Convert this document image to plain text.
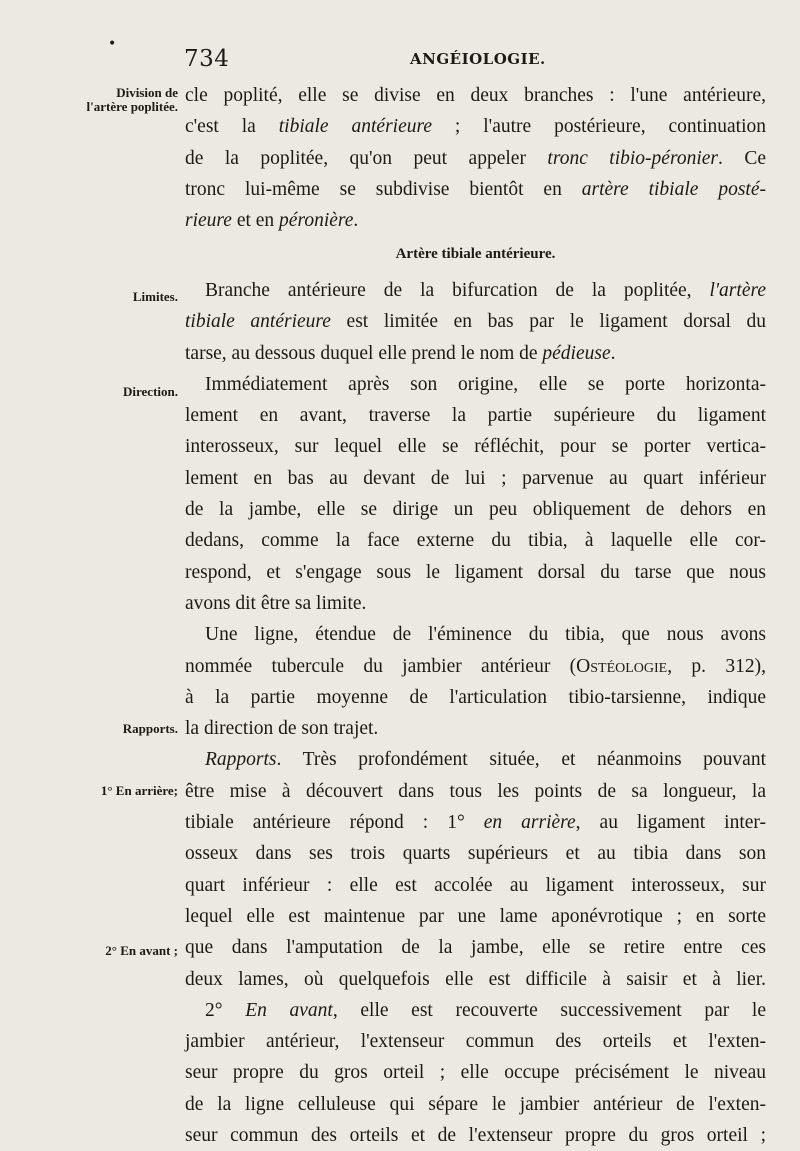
•
734	ANGÉIOLOGIE.
Division de
l'artère poplitée.
Limites.
Direction.
Rapports.
1° En arrière;
2° En avant ;
cle poplité, elle se divise en deux branches : l'une antérieure,
c'est la tibiale antérieure ; l'autre postérieure, continuation
de la poplitée, qu'on peut appeler tronc tibio-péronier. Ce
tronc lui-même se subdivise bientôt en artère tibiale posté-
rieure et en péronière.
Artère tibiale antérieure.
Branche antérieure de la bifurcation de la poplitée, l'artère
tibiale antérieure est limitée en bas par le ligament dorsal du
tarse, au dessous duquel elle prend le nom de pédieuse.
Immédiatement après son origine, elle se porte horizonta-
lement en avant, traverse la partie supérieure du ligament
interosseux, sur lequel elle se réfléchit, pour se porter vertica-
lement en bas au devant de lui ; parvenue au quart inférieur
de la jambe, elle se dirige un peu obliquement de dehors en
dedans, comme la face externe du tibia, à laquelle elle cor-
respond, et s'engage sous le ligament dorsal du tarse que nous
avons dit être sa limite.
Une ligne, étendue de l'éminence du tibia, que nous avons
nommée tubercule du jambier antérieur (Ostéologie, p. 312),
à la partie moyenne de l'articulation tibio-tarsienne, indique
la direction de son trajet.
Rapports. Très profondément située, et néanmoins pouvant
être mise à découvert dans tous les points de sa longueur, la
tibiale antérieure répond : 1° en arrière, au ligament inter-
osseux dans ses trois quarts supérieurs et au tibia dans son
quart inférieur : elle est accolée au ligament interosseux, sur
lequel elle est maintenue par une lame aponévrotique ; en sorte
que dans l'amputation de la jambe, elle se retire entre ces
deux lames, où quelquefois elle est difficile à saisir et à lier.
2° En avant, elle est recouverte successivement par le
jambier antérieur, l'extenseur commun des orteils et l'exten-
seur propre du gros orteil ; elle occupe précisément le niveau
de la ligne celluleuse qui sépare le jambier antérieur de l'exten-
seur commun des orteils et de l'extenseur propre du gros orteil ;
